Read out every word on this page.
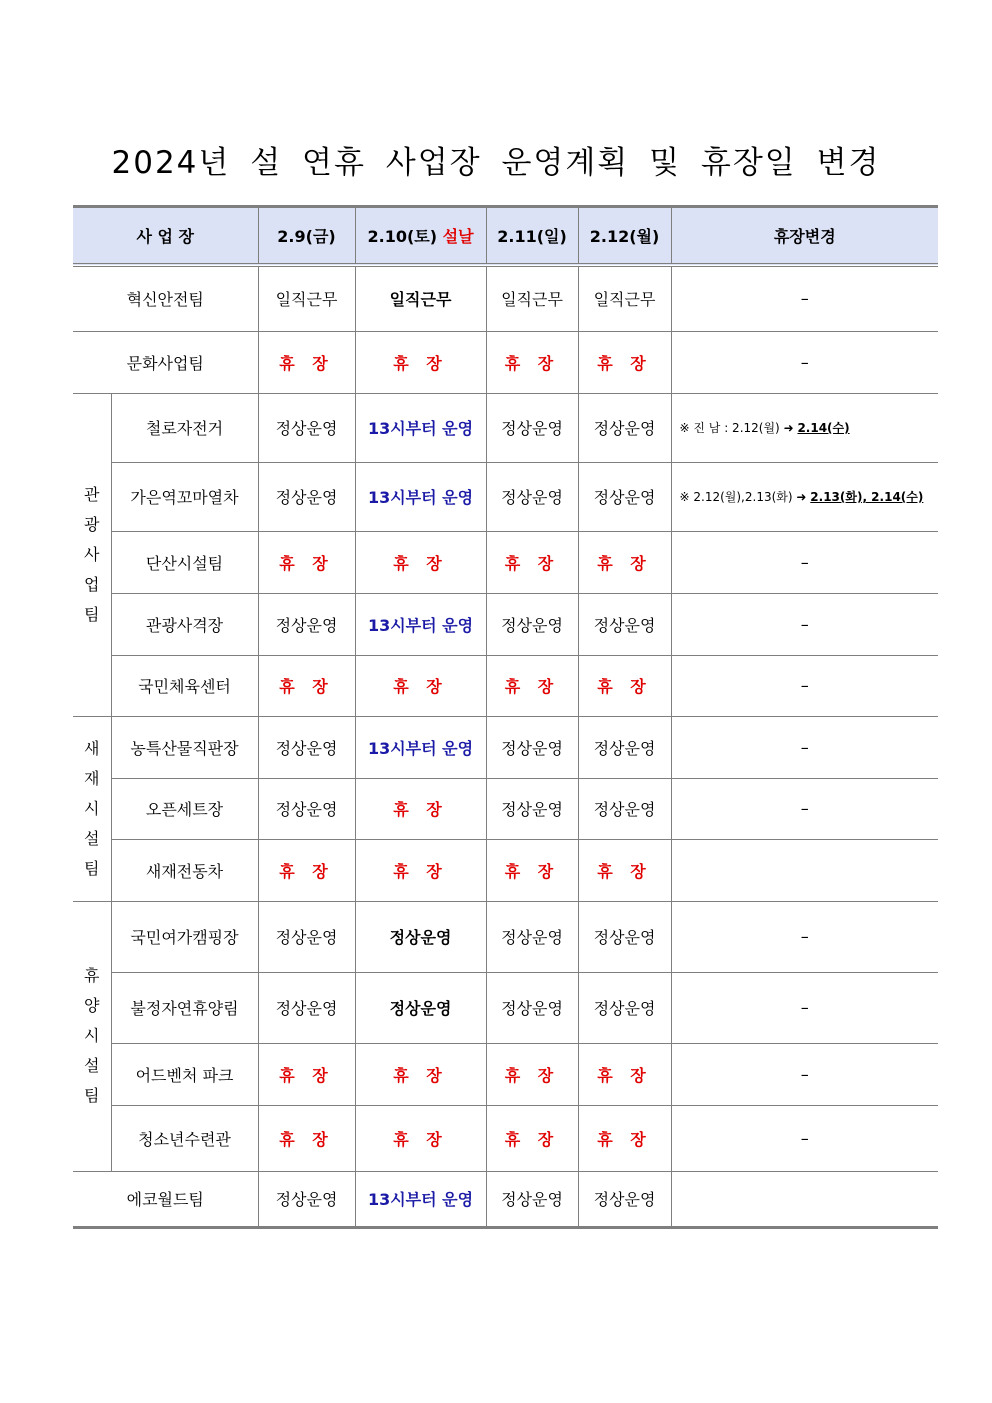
2024년 설 연휴 사업장 운영계획 및 휴장일 변경
사 업 장		2.9(금)	2.10(토) 설날	2.11(일)	2.12(월)	휴장변경
혁신안전팀		일직근무	일직근무	일직근무	일직근무	–
문화사업팀		휴 장	휴 장	휴 장	휴 장	–

관
광
사
업
팀	철로자전거	정상운영	13시부터 운영	정상운영	정상운영	※ 진 남 : 2.12(월) ➜ 2.14(수)
	가은역꼬마열차	정상운영	13시부터 운영	정상운영	정상운영	※ 2.12(월),2.13(화) ➜ 2.13(화), 2.14(수)
	단산시설팀	휴 장	휴 장	휴 장	휴 장	–
	관광사격장	정상운영	13시부터 운영	정상운영	정상운영	–
	국민체육센터	휴 장	휴 장	휴 장	휴 장	–

새
재
시
설
팀	농특산물직판장	정상운영	13시부터 운영	정상운영	정상운영	–
	오픈세트장	정상운영	휴 장	정상운영	정상운영	–
	새재전동차	휴 장	휴 장	휴 장	휴 장	

휴
양
시
설
팀	국민여가캠핑장	정상운영	정상운영	정상운영	정상운영	–
	불정자연휴양림	정상운영	정상운영	정상운영	정상운영	–
	어드벤처 파크	휴 장	휴 장	휴 장	휴 장	–
	청소년수련관	휴 장	휴 장	휴 장	휴 장	–
에코월드팀		정상운영	13시부터 운영	정상운영	정상운영	
